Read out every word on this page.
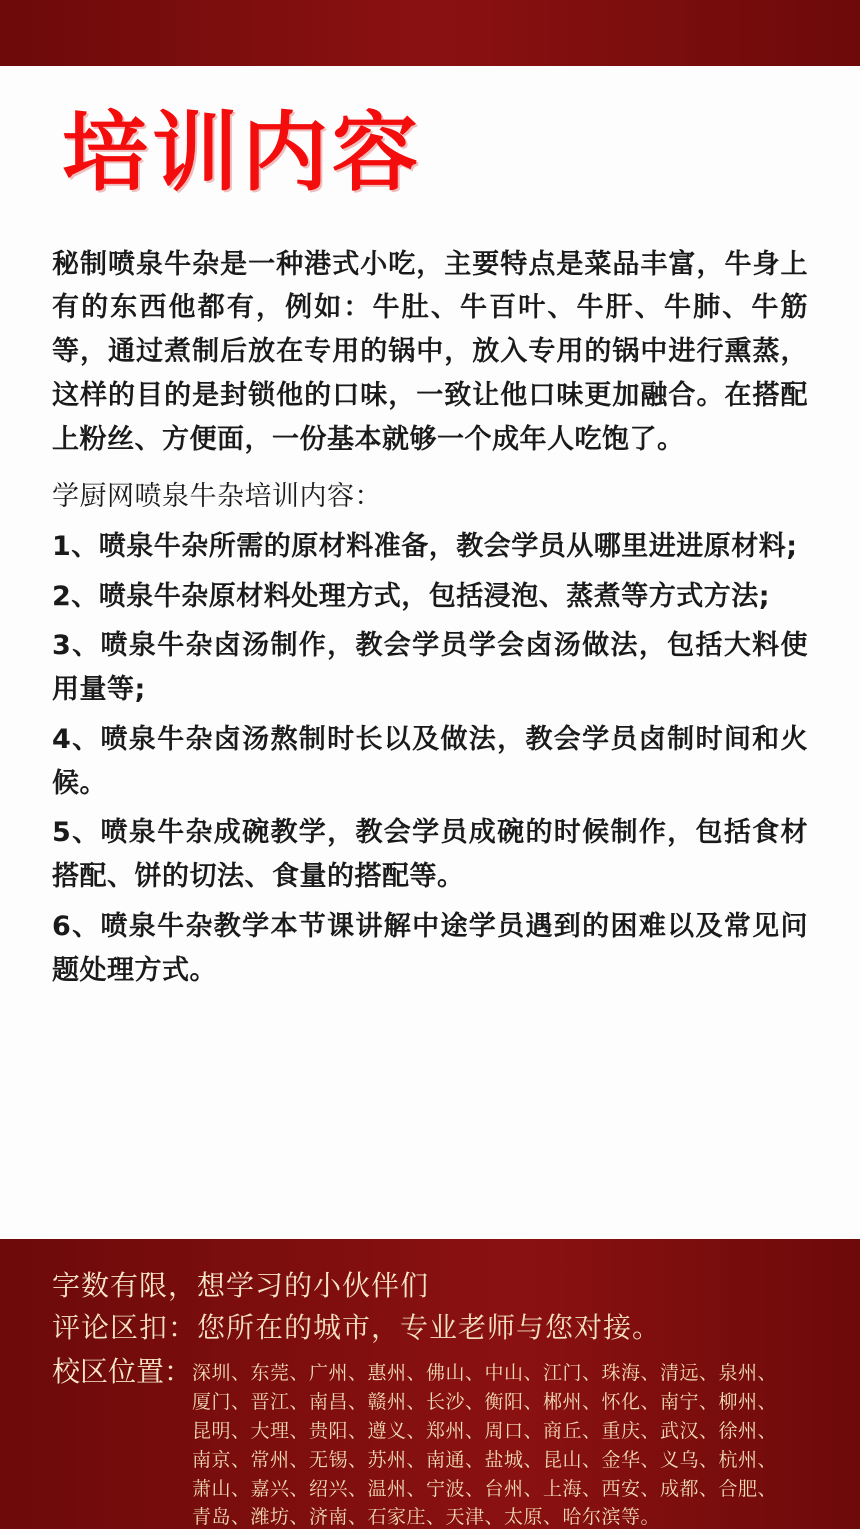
培训内容
秘制喷泉牛杂是一种港式小吃，主要特点是菜品丰富，牛身上有的东西他都有，例如：牛肚、牛百叶、牛肝、牛肺、牛筋等，通过煮制后放在专用的锅中，放入专用的锅中进行熏蒸，这样的目的是封锁他的口味，一致让他口味更加融合。在搭配上粉丝、方便面，一份基本就够一个成年人吃饱了。
学厨网喷泉牛杂培训内容：
1、喷泉牛杂所需的原材料准备，教会学员从哪里进进原材料;
2、喷泉牛杂原材料处理方式，包括浸泡、蒸煮等方式方法;
3、喷泉牛杂卤汤制作，教会学员学会卤汤做法，包括大料使用量等;
4、喷泉牛杂卤汤熬制时长以及做法，教会学员卤制时间和火候。
5、喷泉牛杂成碗教学，教会学员成碗的时候制作，包括食材搭配、饼的切法、食量的搭配等。
6、喷泉牛杂教学本节课讲解中途学员遇到的困难以及常见问题处理方式。
字数有限，想学习的小伙伴们
评论区扣：您所在的城市，专业老师与您对接。
校区位置： 深圳、东莞、广州、惠州、佛山、中山、江门、珠海、清远、泉州、
厦门、晋江、南昌、赣州、长沙、衡阳、郴州、怀化、南宁、柳州、
昆明、大理、贵阳、遵义、郑州、周口、商丘、重庆、武汉、徐州、
南京、常州、无锡、苏州、南通、盐城、昆山、金华、义乌、杭州、
萧山、嘉兴、绍兴、温州、宁波、台州、上海、西安、成都、合肥、
青岛、潍坊、济南、石家庄、天津、太原、哈尔滨等。
